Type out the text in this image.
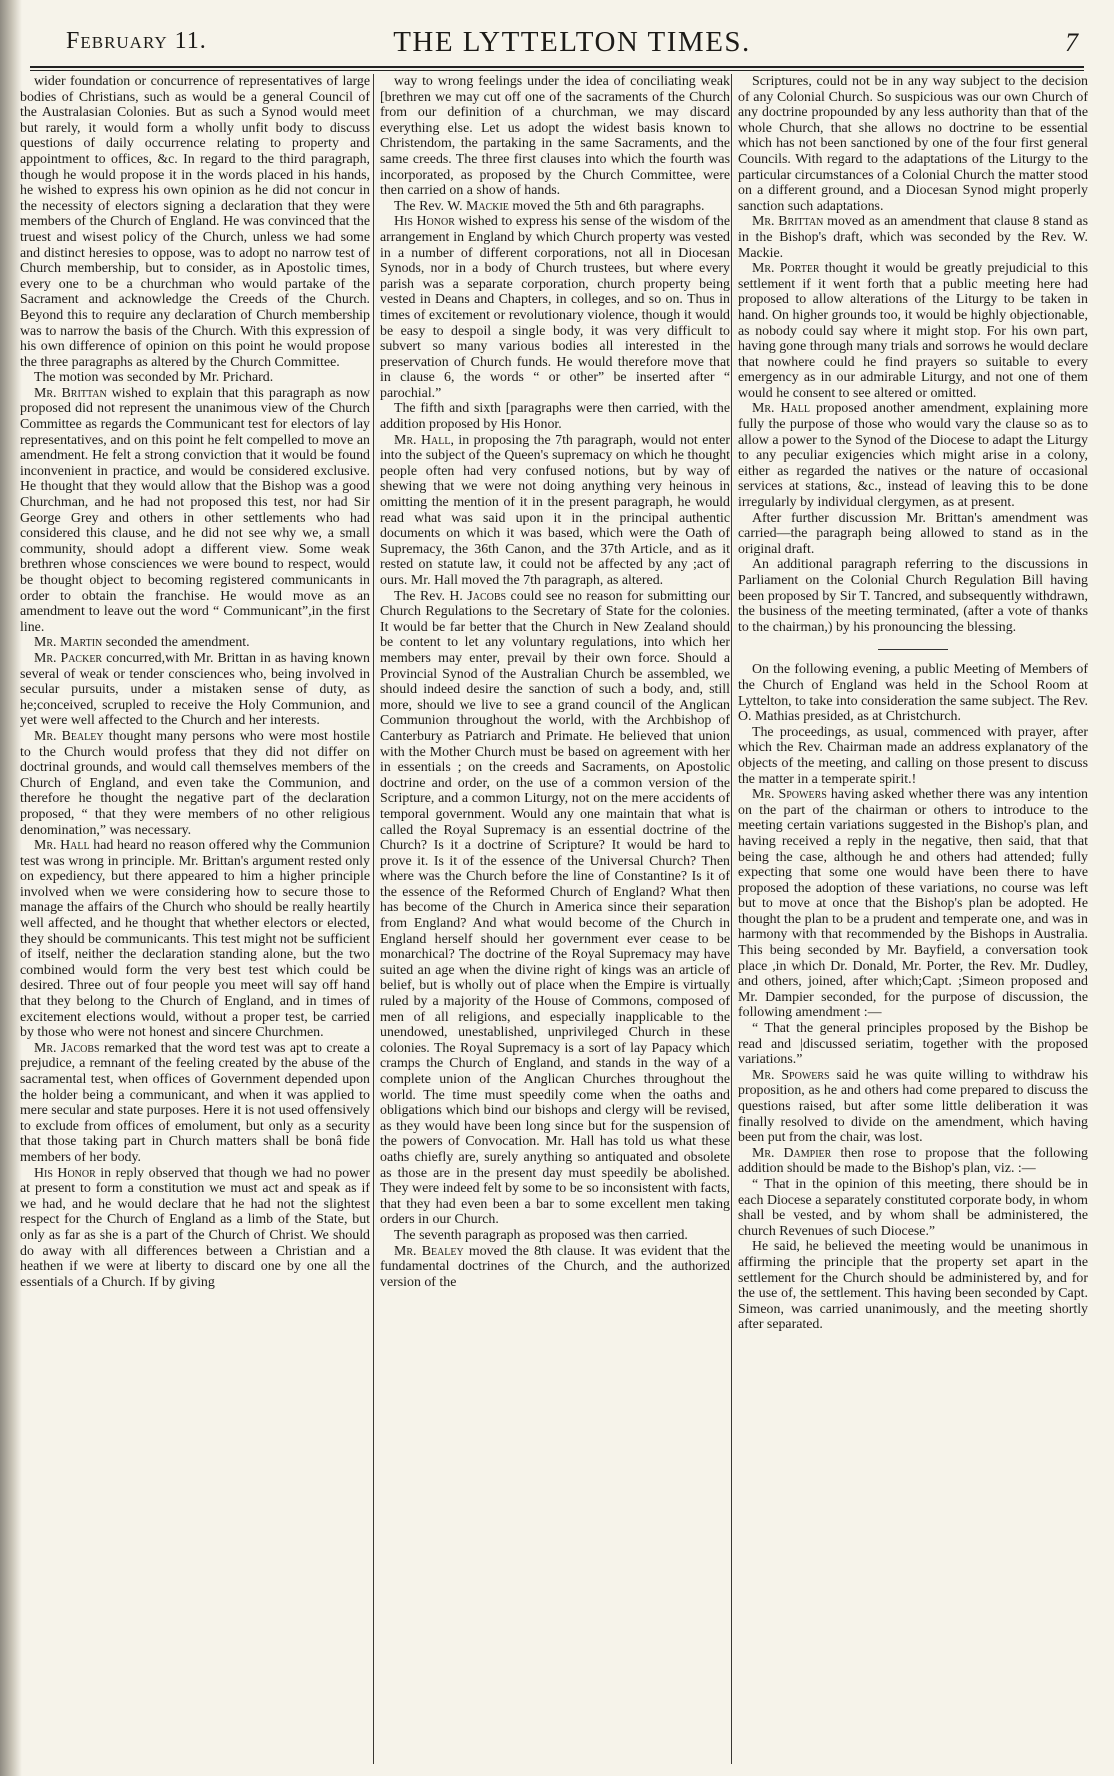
February 11.	THE LYTTELTON TIMES.	7

wider foundation or concurrence of representatives of large bodies of Christians, such as would be a general Council of the Australasian Colonies. But as such a Synod would meet but rarely, it would form a wholly unfit body to discuss questions of daily occurrence relating to property and appointment to offices, &c. In regard to the third paragraph, though he would propose it in the words placed in his hands, he wished to express his own opinion as he did not concur in the necessity of electors signing a declaration that they were members of the Church of England. He was convinced that the truest and wisest policy of the Church, unless we had some and distinct heresies to oppose, was to adopt no narrow test of Church membership, but to consider, as in Apostolic times, every one to be a churchman who would partake of the Sacrament and acknowledge the Creeds of the Church. Beyond this to require any declaration of Church membership was to narrow the basis of the Church. With this expression of his own difference of opinion on this point he would propose the three paragraphs as altered by the Church Committee.

The motion was seconded by Mr. Prichard.

Mr. Brittan wished to explain that this paragraph as now proposed did not represent the unanimous view of the Church Committee as regards the Communicant test for electors of lay representatives, and on this point he felt compelled to move an amendment. He felt a strong conviction that it would be found inconvenient in practice, and would be considered exclusive. He thought that they would allow that the Bishop was a good Churchman, and he had not proposed this test, nor had Sir George Grey and others in other settlements who had considered this clause, and he did not see why we, a small community, should adopt a different view. Some weak brethren whose consciences we were bound to respect, would be thought object to becoming registered communicants in order to obtain the franchise. He would move as an amendment to leave out the word “ Communicant”,in the first line.

Mr. Martin seconded the amendment.

Mr. Packer concurred,with Mr. Brittan in as having known several of weak or tender consciences who, being involved in secular pursuits, under a mistaken sense of duty, as he;conceived, scrupled to receive the Holy Communion, and yet were well affected to the Church and her interests.

Mr. Bealey thought many persons who were most hostile to the Church would profess that they did not differ on doctrinal grounds, and would call themselves members of the Church of England, and even take the Communion, and therefore he thought the negative part of the declaration proposed, “ that they were members of no other religious denomination,” was necessary.

Mr. Hall had heard no reason offered why the Communion test was wrong in principle. Mr. Brittan's argument rested only on expediency, but there appeared to him a higher principle involved when we were considering how to secure those to manage the affairs of the Church who should be really heartily well affected, and he thought that whether electors or elected, they should be communicants. This test might not be sufficient of itself, neither the declaration standing alone, but the two combined would form the very best test which could be desired. Three out of four people you meet will say off hand that they belong to the Church of England, and in times of excitement elections would, without a proper test, be carried by those who were not honest and sincere Churchmen.

Mr. Jacobs remarked that the word test was apt to create a prejudice, a remnant of the feeling created by the abuse of the sacramental test, when offices of Government depended upon the holder being a communicant, and when it was applied to mere secular and state purposes. Here it is not used offensively to exclude from offices of emolument, but only as a security that those taking part in Church matters shall be bonâ fide members of her body.

His Honor in reply observed that though we had no power at present to form a constitution we must act and speak as if we had, and he would declare that he had not the slightest respect for the Church of England as a limb of the State, but only as far as she is a part of the Church of Christ. We should do away with all differences between a Christian and a heathen if we were at liberty to discard one by one all the essentials of a Church. If by giving

way to wrong feelings under the idea of conciliating weak [brethren we may cut off one of the sacraments of the Church from our definition of a churchman, we may discard everything else. Let us adopt the widest basis known to Christendom, the partaking in the same Sacraments, and the same creeds. The three first clauses into which the fourth was incorporated, as proposed by the Church Committee, were then carried on a show of hands.

The Rev. W. Mackie moved the 5th and 6th paragraphs.

His Honor wished to express his sense of the wisdom of the arrangement in England by which Church property was vested in a number of different corporations, not all in Diocesan Synods, nor in a body of Church trustees, but where every parish was a separate corporation, church property being vested in Deans and Chapters, in colleges, and so on. Thus in times of excitement or revolutionary violence, though it would be easy to despoil a single body, it was very difficult to subvert so many various bodies all interested in the preservation of Church funds. He would therefore move that in clause 6, the words “ or other” be inserted after “ parochial.”

The fifth and sixth [paragraphs were then carried, with the addition proposed by His Honor.

Mr. Hall, in proposing the 7th paragraph, would not enter into the subject of the Queen's supremacy on which he thought people often had very confused notions, but by way of shewing that we were not doing anything very heinous in omitting the mention of it in the present paragraph, he would read what was said upon it in the principal authentic documents on which it was based, which were the Oath of Supremacy, the 36th Canon, and the 37th Article, and as it rested on statute law, it could not be affected by any ;act of ours. Mr. Hall moved the 7th paragraph, as altered.

The Rev. H. Jacobs could see no reason for submitting our Church Regulations to the Secretary of State for the colonies. It would be far better that the Church in New Zealand should be content to let any voluntary regulations, into which her members may enter, prevail by their own force. Should a Provincial Synod of the Australian Church be assembled, we should indeed desire the sanction of such a body, and, still more, should we live to see a grand council of the Anglican Communion throughout the world, with the Archbishop of Canterbury as Patriarch and Primate. He believed that union with the Mother Church must be based on agreement with her in essentials ; on the creeds and Sacraments, on Apostolic doctrine and order, on the use of a common version of the Scripture, and a common Liturgy, not on the mere accidents of temporal government. Would any one maintain that what is called the Royal Supremacy is an essential doctrine of the Church? Is it a doctrine of Scripture? It would be hard to prove it. Is it of the essence of the Universal Church? Then where was the Church before the line of Constantine? Is it of the essence of the Reformed Church of England? What then has become of the Church in America since their separation from England? And what would become of the Church in England herself should her government ever cease to be monarchical? The doctrine of the Royal Supremacy may have suited an age when the divine right of kings was an article of belief, but is wholly out of place when the Empire is virtually ruled by a majority of the House of Commons, composed of men of all religions, and especially inapplicable to the unendowed, unestablished, unprivileged Church in these colonies. The Royal Supremacy is a sort of lay Papacy which cramps the Church of England, and stands in the way of a complete union of the Anglican Churches throughout the world. The time must speedily come when the oaths and obligations which bind our bishops and clergy will be revised, as they would have been long since but for the suspension of the powers of Convocation. Mr. Hall has told us what these oaths chiefly are, surely anything so antiquated and obsolete as those are in the present day must speedily be abolished. They were indeed felt by some to be so inconsistent with facts, that they had even been a bar to some excellent men taking orders in our Church.

The seventh paragraph as proposed was then carried.

Mr. Bealey moved the 8th clause. It was evident that the fundamental doctrines of the Church, and the authorized version of the

Scriptures, could not be in any way subject to the decision of any Colonial Church. So suspicious was our own Church of any doctrine propounded by any less authority than that of the whole Church, that she allows no doctrine to be essential which has not been sanctioned by one of the four first general Councils. With regard to the adaptations of the Liturgy to the particular circumstances of a Colonial Church the matter stood on a different ground, and a Diocesan Synod might properly sanction such adaptations.

Mr. Brittan moved as an amendment that clause 8 stand as in the Bishop's draft, which was seconded by the Rev. W. Mackie.

Mr. Porter thought it would be greatly prejudicial to this settlement if it went forth that a public meeting here had proposed to allow alterations of the Liturgy to be taken in hand. On higher grounds too, it would be highly objectionable, as nobody could say where it might stop. For his own part, having gone through many trials and sorrows he would declare that nowhere could he find prayers so suitable to every emergency as in our admirable Liturgy, and not one of them would he consent to see altered or omitted.

Mr. Hall proposed another amendment, explaining more fully the purpose of those who would vary the clause so as to allow a power to the Synod of the Diocese to adapt the Liturgy to any peculiar exigencies which might arise in a colony, either as regarded the natives or the nature of occasional services at stations, &c., instead of leaving this to be done irregularly by individual clergymen, as at present.

After further discussion Mr. Brittan's amendment was carried—the paragraph being allowed to stand as in the original draft.

An additional paragraph referring to the discussions in Parliament on the Colonial Church Regulation Bill having been proposed by Sir T. Tancred, and subsequently withdrawn, the business of the meeting terminated, (after a vote of thanks to the chairman,) by his pronouncing the blessing.

On the following evening, a public Meeting of Members of the Church of England was held in the School Room at Lyttelton, to take into consideration the same subject. The Rev. O. Mathias presided, as at Christchurch.

The proceedings, as usual, commenced with prayer, after which the Rev. Chairman made an address explanatory of the objects of the meeting, and calling on those present to discuss the matter in a temperate spirit.!

Mr. Spowers having asked whether there was any intention on the part of the chairman or others to introduce to the meeting certain variations suggested in the Bishop's plan, and having received a reply in the negative, then said, that that being the case, although he and others had attended; fully expecting that some one would have been there to have proposed the adoption of these variations, no course was left but to move at once that the Bishop's plan be adopted. He thought the plan to be a prudent and temperate one, and was in harmony with that recommended by the Bishops in Australia. This being seconded by Mr. Bayfield, a conversation took place ,in which Dr. Donald, Mr. Porter, the Rev. Mr. Dudley, and others, joined, after which;Capt. ;Simeon proposed and Mr. Dampier seconded, for the purpose of discussion, the following amendment :—

“ That the general principles proposed by the Bishop be read and |discussed seriatim, together with the proposed variations.”

Mr. Spowers said he was quite willing to withdraw his proposition, as he and others had come prepared to discuss the questions raised, but after some little deliberation it was finally resolved to divide on the amendment, which having been put from the chair, was lost.

Mr. Dampier then rose to propose that the following addition should be made to the Bishop's plan, viz. :—

“ That in the opinion of this meeting, there should be in each Diocese a separately constituted corporate body, in whom shall be vested, and by whom shall be administered, the church Revenues of such Diocese.”

He said, he believed the meeting would be unanimous in affirming the principle that the property set apart in the settlement for the Church should be administered by, and for the use of, the settlement. This having been seconded by Capt. Simeon, was carried unanimously, and the meeting shortly after separated.
